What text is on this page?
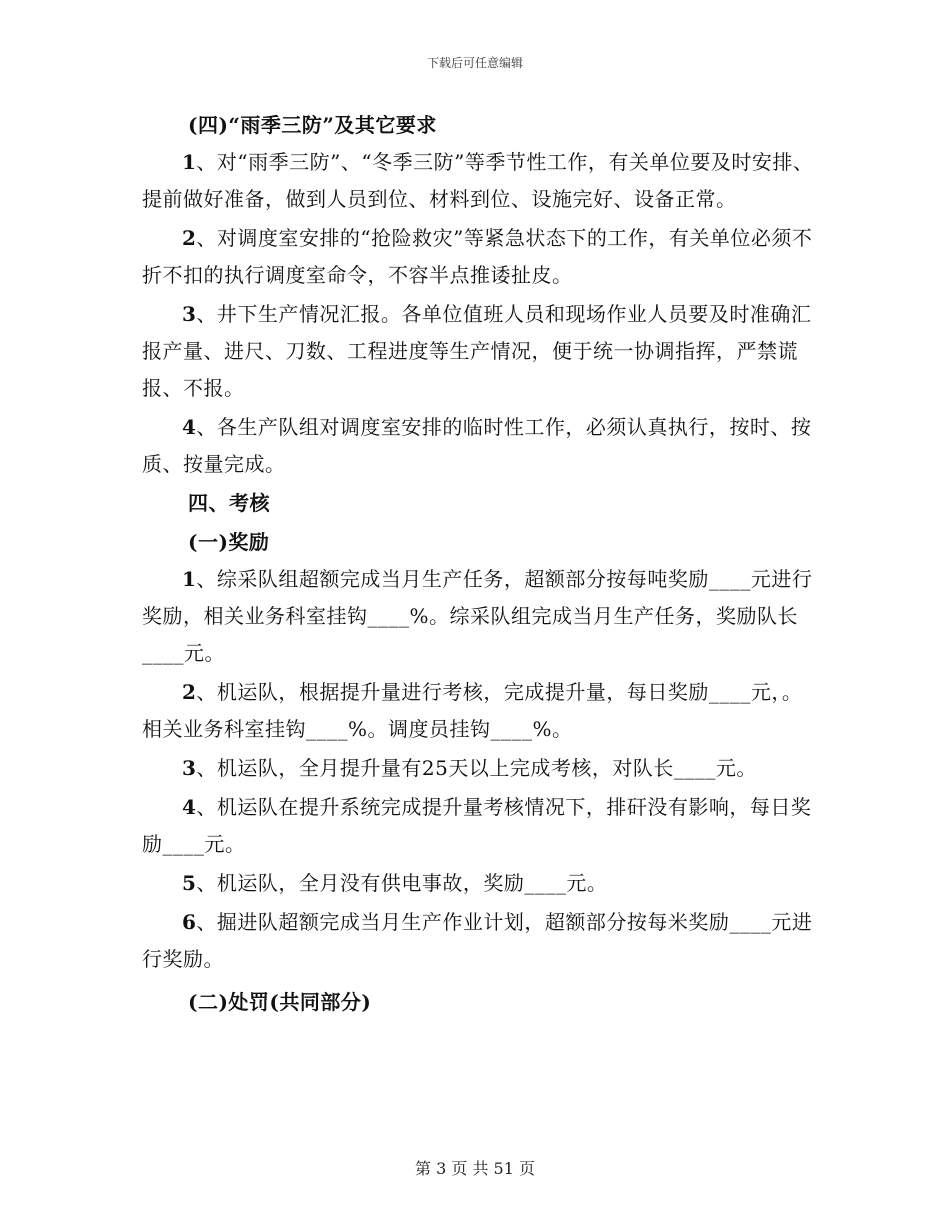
下载后可任意编辑
(四)“雨季三防”及其它要求
1、对“雨季三防”、“冬季三防”等季节性工作，有关单位要及时安排、提前做好准备，做到人员到位、材料到位、设施完好、设备正常。
2、对调度室安排的“抢险救灾”等紧急状态下的工作，有关单位必须不折不扣的执行调度室命令，不容半点推诿扯皮。
3、井下生产情况汇报。各单位值班人员和现场作业人员要及时准确汇报产量、进尺、刀数、工程进度等生产情况，便于统一协调指挥，严禁谎报、不报。
4、各生产队组对调度室安排的临时性工作，必须认真执行，按时、按质、按量完成。
四、考核
(一)奖励
1、综采队组超额完成当月生产任务，超额部分按每吨奖励____元进行奖励，相关业务科室挂钩____%。综采队组完成当月生产任务，奖励队长____元。
2、机运队，根据提升量进行考核，完成提升量，每日奖励____元，。相关业务科室挂钩____%。调度员挂钩____%。
3、机运队，全月提升量有25天以上完成考核，对队长____元。
4、机运队在提升系统完成提升量考核情况下，排矸没有影响，每日奖励____元。
5、机运队，全月没有供电事故，奖励____元。
6、掘进队超额完成当月生产作业计划，超额部分按每米奖励____元进行奖励。
(二)处罚(共同部分)
第 3 页 共 51 页
